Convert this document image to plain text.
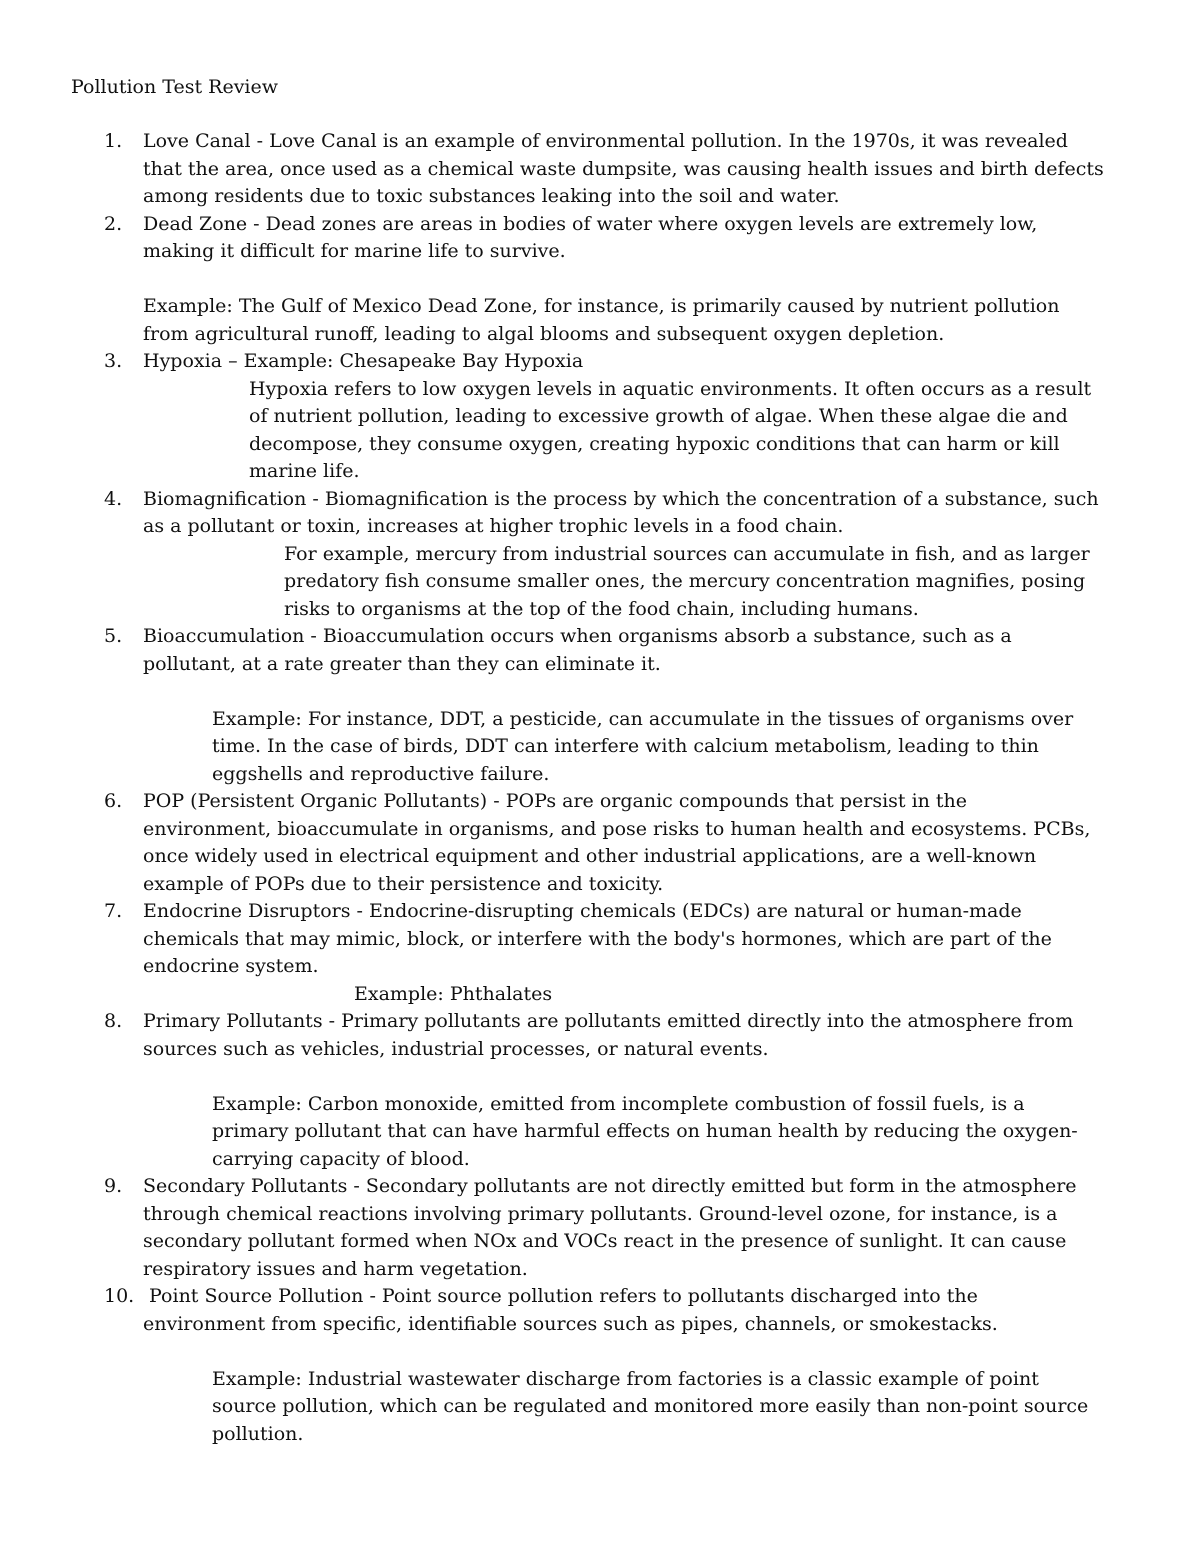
Pollution Test Review
1. Love Canal - Love Canal is an example of environmental pollution. In the 1970s, it was revealed
that the area, once used as a chemical waste dumpsite, was causing health issues and birth defects
among residents due to toxic substances leaking into the soil and water.
2. Dead Zone - Dead zones are areas in bodies of water where oxygen levels are extremely low,
making it difficult for marine life to survive.
Example: The Gulf of Mexico Dead Zone, for instance, is primarily caused by nutrient pollution
from agricultural runoff, leading to algal blooms and subsequent oxygen depletion.
3. Hypoxia – Example: Chesapeake Bay Hypoxia
Hypoxia refers to low oxygen levels in aquatic environments. It often occurs as a result
of nutrient pollution, leading to excessive growth of algae. When these algae die and
decompose, they consume oxygen, creating hypoxic conditions that can harm or kill
marine life.
4. Biomagnification - Biomagnification is the process by which the concentration of a substance, such
as a pollutant or toxin, increases at higher trophic levels in a food chain.
For example, mercury from industrial sources can accumulate in fish, and as larger
predatory fish consume smaller ones, the mercury concentration magnifies, posing
risks to organisms at the top of the food chain, including humans.
5. Bioaccumulation - Bioaccumulation occurs when organisms absorb a substance, such as a
pollutant, at a rate greater than they can eliminate it.
Example: For instance, DDT, a pesticide, can accumulate in the tissues of organisms over
time. In the case of birds, DDT can interfere with calcium metabolism, leading to thin
eggshells and reproductive failure.
6. POP (Persistent Organic Pollutants) - POPs are organic compounds that persist in the
environment, bioaccumulate in organisms, and pose risks to human health and ecosystems. PCBs,
once widely used in electrical equipment and other industrial applications, are a well-known
example of POPs due to their persistence and toxicity.
7. Endocrine Disruptors - Endocrine-disrupting chemicals (EDCs) are natural or human-made
chemicals that may mimic, block, or interfere with the body's hormones, which are part of the
endocrine system.
Example: Phthalates
8. Primary Pollutants - Primary pollutants are pollutants emitted directly into the atmosphere from
sources such as vehicles, industrial processes, or natural events.
Example: Carbon monoxide, emitted from incomplete combustion of fossil fuels, is a
primary pollutant that can have harmful effects on human health by reducing the oxygen-
carrying capacity of blood.
9. Secondary Pollutants - Secondary pollutants are not directly emitted but form in the atmosphere
through chemical reactions involving primary pollutants. Ground-level ozone, for instance, is a
secondary pollutant formed when NOx and VOCs react in the presence of sunlight. It can cause
respiratory issues and harm vegetation.
10. Point Source Pollution - Point source pollution refers to pollutants discharged into the
environment from specific, identifiable sources such as pipes, channels, or smokestacks.
Example: Industrial wastewater discharge from factories is a classic example of point
source pollution, which can be regulated and monitored more easily than non-point source
pollution.
